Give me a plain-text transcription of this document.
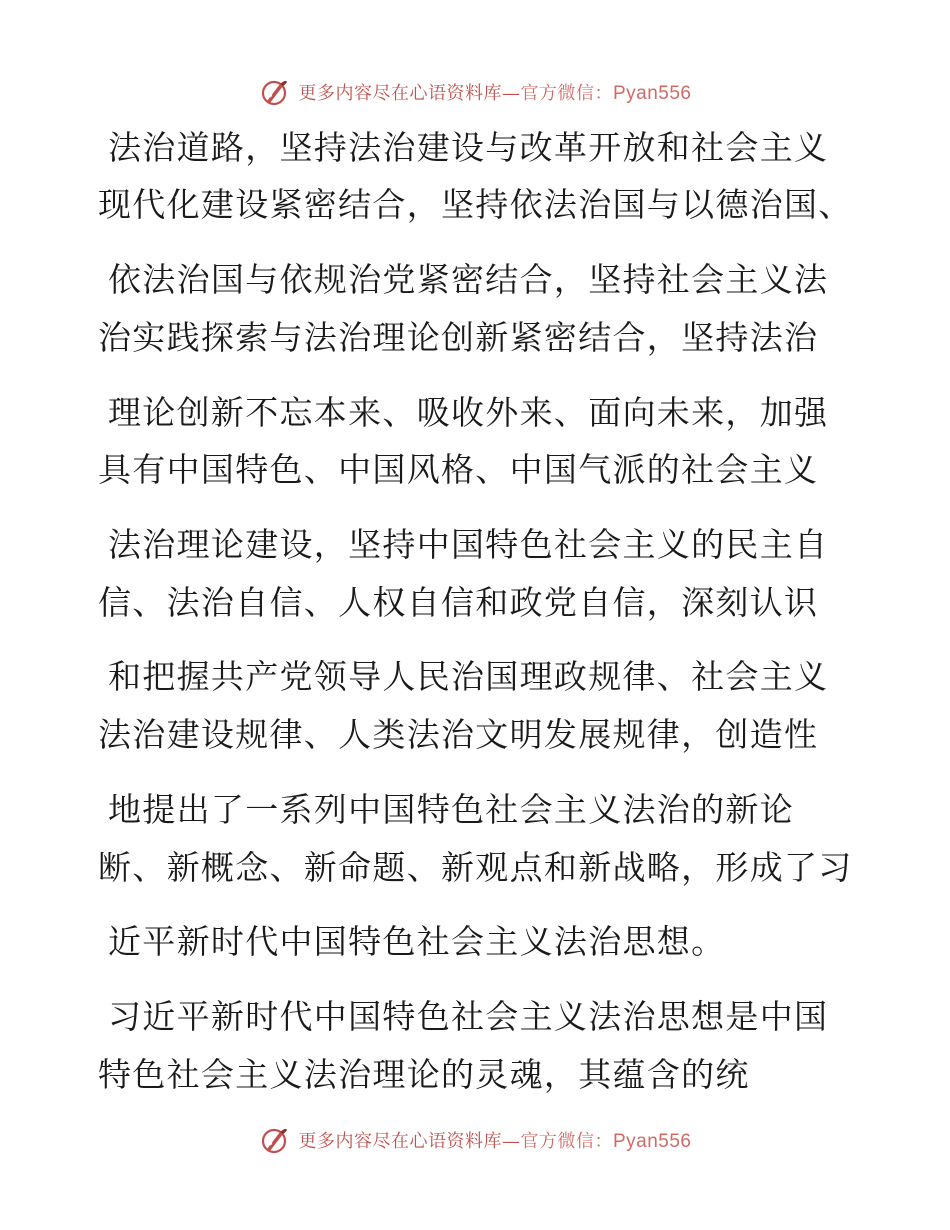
更多内容尽在心语资料库—官方微信：Pyan556
法治道路，坚持法治建设与改革开放和社会主义
现代化建设紧密结合，坚持依法治国与以德治国、
依法治国与依规治党紧密结合，坚持社会主义法
治实践探索与法治理论创新紧密结合，坚持法治
理论创新不忘本来、吸收外来、面向未来，加强
具有中国特色、中国风格、中国气派的社会主义
法治理论建设，坚持中国特色社会主义的民主自
信、法治自信、人权自信和政党自信，深刻认识
和把握共产党领导人民治国理政规律、社会主义
法治建设规律、人类法治文明发展规律，创造性
地提出了一系列中国特色社会主义法治的新论
断、新概念、新命题、新观点和新战略，形成了习
近平新时代中国特色社会主义法治思想。
习近平新时代中国特色社会主义法治思想是中国
特色社会主义法治理论的灵魂，其蕴含的统
更多内容尽在心语资料库—官方微信：Pyan556
